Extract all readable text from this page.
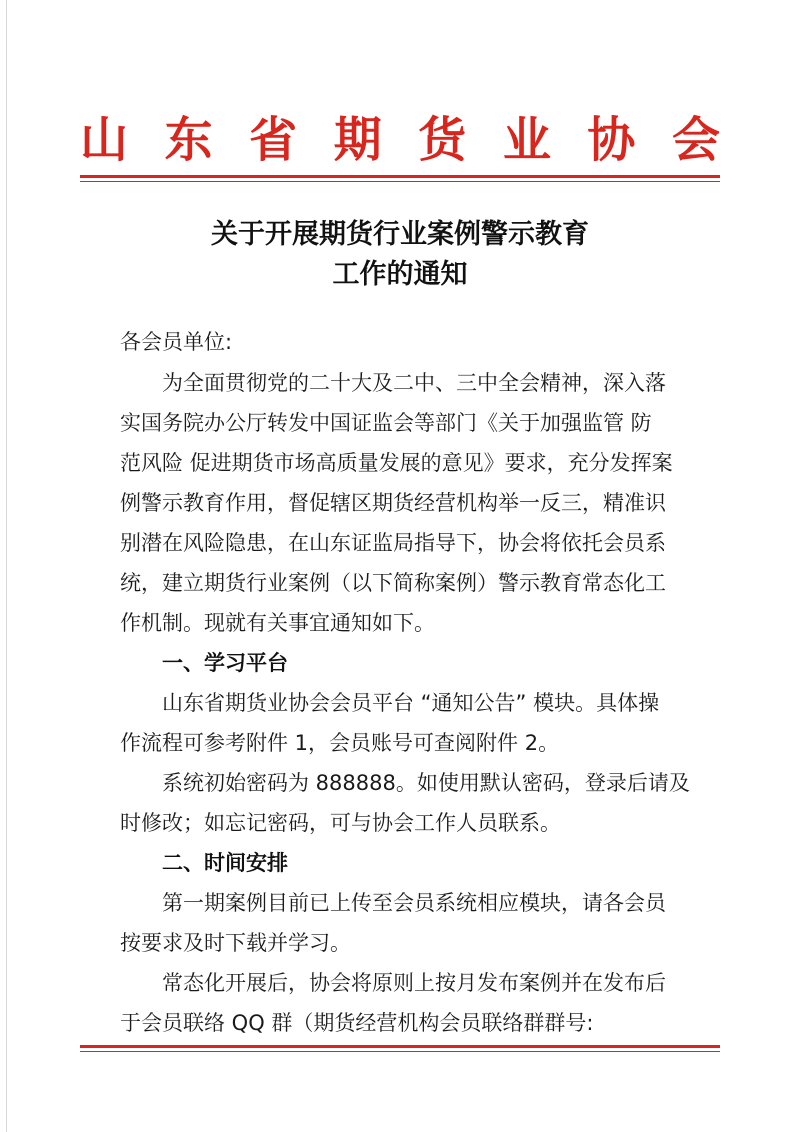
山 东 省 期 货 业 协 会
关于开展期货行业案例警示教育
工作的通知
各会员单位:
为全面贯彻党的二十大及二中、三中全会精神，深入落
实国务院办公厅转发中国证监会等部门《关于加强监管 防
范风险 促进期货市场高质量发展的意见》要求，充分发挥案
例警示教育作用，督促辖区期货经营机构举一反三，精准识
别潜在风险隐患，在山东证监局指导下，协会将依托会员系
统，建立期货行业案例（以下简称案例）警示教育常态化工
作机制。现就有关事宜通知如下。
一、学习平台
山东省期货业协会会员平台 “通知公告” 模块。具体操
作流程可参考附件 1，会员账号可查阅附件 2。
系统初始密码为 888888。如使用默认密码，登录后请及
时修改；如忘记密码，可与协会工作人员联系。
二、时间安排
第一期案例目前已上传至会员系统相应模块，请各会员
按要求及时下载并学习。
常态化开展后，协会将原则上按月发布案例并在发布后
于会员联络 QQ 群（期货经营机构会员联络群群号:
